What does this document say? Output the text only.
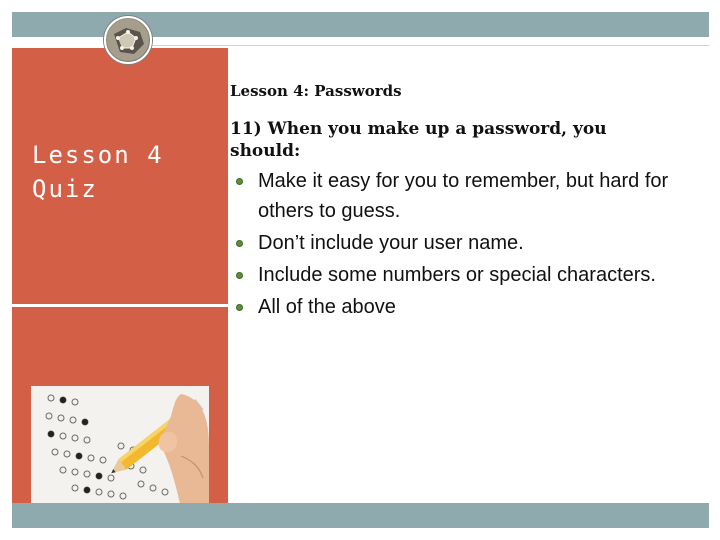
Lesson 4
Quiz

Lesson 4: Passwords

11) When you make up a password, you should:

Make it easy for you to remember, but hard for others to guess.
Don’t include your user name.
Include some numbers or special characters.
All of the above
